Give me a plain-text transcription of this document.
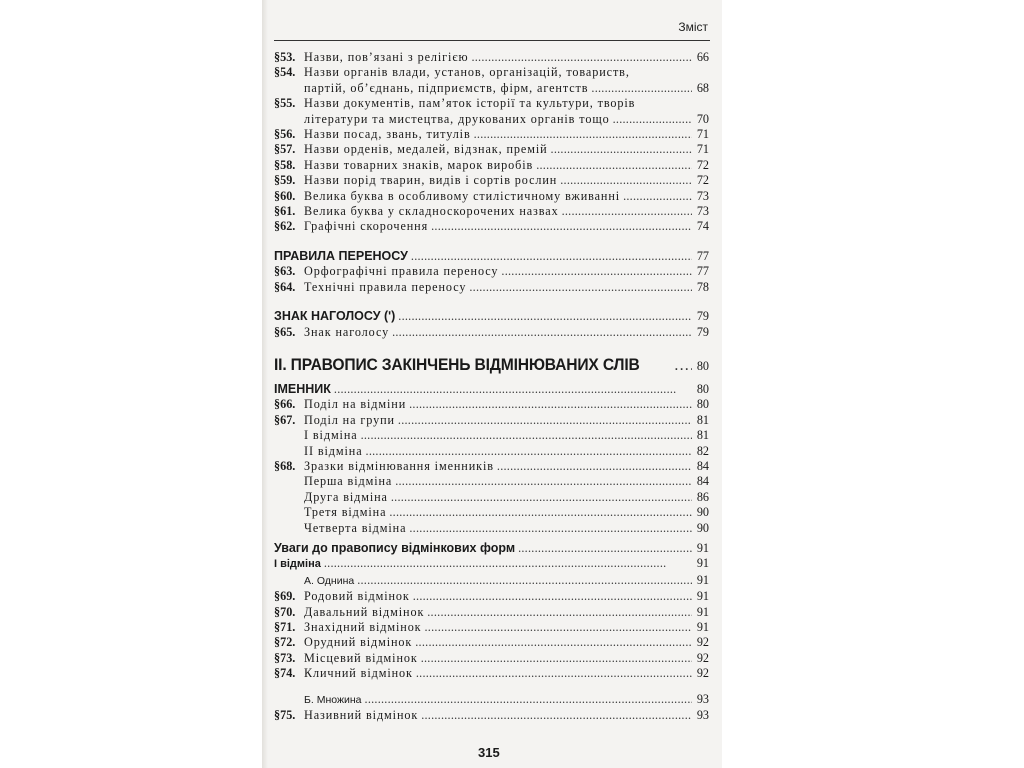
Зміст
§53. Назви, пов’язані з релігією . . .	66
§54. Назви органів влади, установ, організацій, товариств,
партій, об’єднань, підприємств, фірм, агентств . . .	68
§55. Назви документів, пам’яток історії та культури, творів
літератури та мистецтва, друкованих органів тощо . . .	70
§56. Назви посад, звань, титулів . . .	71
§57. Назви орденів, медалей, відзнак, премій . . .	71
§58. Назви товарних знаків, марок виробів . . .	72
§59. Назви порід тварин, видів і сортів рослин . . .	72
§60. Велика буква в особливому стилістичному вживанні . . .	73
§61. Велика буква у складноскорочених назвах . . .	73
§62. Графічні скорочення . . .	74
ПРАВИЛА ПЕРЕНОСУ . . .	77
§63. Орфографічні правила переносу . . .	77
§64. Технічні правила переносу . . .	78
ЗНАК НАГОЛОСУ (ʹ) . . .	79
§65. Знак наголосу . . .	79
ІІ. ПРАВОПИС ЗАКІНЧЕНЬ ВІДМІНЮВАНИХ СЛІВ . . .	80
ІМЕННИК . . .	80
§66. Поділ на відміни . . .	80
§67. Поділ на групи . . .	81
І відміна . . .	81
ІІ відміна . . .	82
§68. Зразки відмінювання іменників . . .	84
Перша відміна . . .	84
Друга відміна . . .	86
Третя відміна . . .	90
Четверта відміна . . .	90
Уваги до правопису відмінкових форм . . .	91
І відміна . . .	91
А. Однина . . .	91
§69. Родовий відмінок . . .	91
§70. Давальний відмінок . . .	91
§71. Знахідний відмінок . . .	91
§72. Орудний відмінок . . .	92
§73. Місцевий відмінок . . .	92
§74. Кличний відмінок . . .	92
Б. Множина . . .	93
§75. Називний відмінок . . .	93
315
